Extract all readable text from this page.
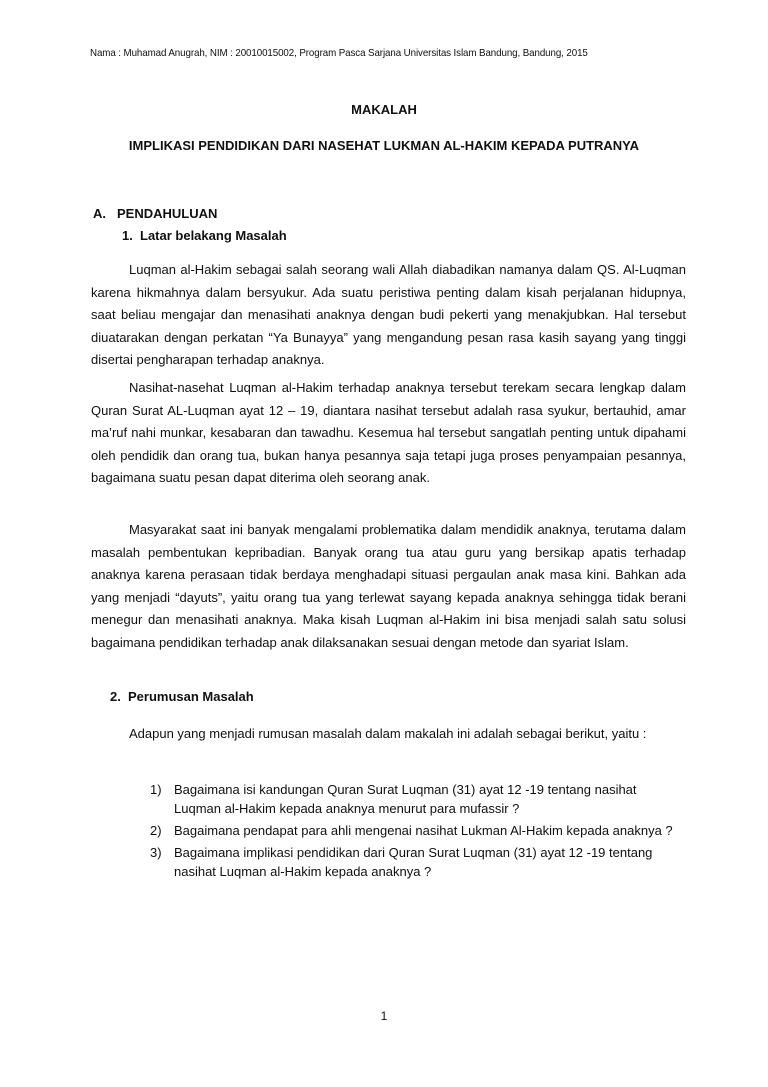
Nama : Muhamad Anugrah, NIM : 20010015002, Program Pasca Sarjana Universitas Islam Bandung, Bandung, 2015
MAKALAH
IMPLIKASI PENDIDIKAN DARI NASEHAT LUKMAN AL-HAKIM KEPADA PUTRANYA
A. PENDAHULUAN
1. Latar belakang Masalah

Luqman al-Hakim sebagai salah seorang wali Allah diabadikan namanya dalam QS. Al-Luqman karena hikmahnya dalam bersyukur. Ada suatu peristiwa penting dalam kisah perjalanan hidupnya, saat beliau mengajar dan menasihati anaknya dengan budi pekerti yang menakjubkan. Hal tersebut diuatarakan dengan perkatan “Ya Bunayya” yang mengandung pesan rasa kasih sayang yang tinggi disertai pengharapan terhadap anaknya.

Nasihat-nasehat Luqman al-Hakim terhadap anaknya tersebut terekam secara lengkap dalam Quran Surat AL-Luqman ayat 12 – 19, diantara nasihat tersebut adalah rasa syukur, bertauhid, amar ma’ruf nahi munkar, kesabaran dan tawadhu. Kesemua hal tersebut sangatlah penting untuk dipahami oleh pendidik dan orang tua, bukan hanya pesannya saja tetapi juga proses penyampaian pesannya, bagaimana suatu pesan dapat diterima oleh seorang anak.

Masyarakat saat ini banyak mengalami problematika dalam mendidik anaknya, terutama dalam masalah pembentukan kepribadian. Banyak orang tua atau guru yang bersikap apatis terhadap anaknya karena perasaan tidak berdaya menghadapi situasi pergaulan anak masa kini. Bahkan ada yang menjadi “dayuts”, yaitu orang tua yang terlewat sayang kepada anaknya sehingga tidak berani menegur dan menasihati anaknya. Maka kisah Luqman al-Hakim ini bisa menjadi salah satu solusi bagaimana pendidikan terhadap anak dilaksanakan sesuai dengan metode dan syariat Islam.

2. Perumusan Masalah

Adapun yang menjadi rumusan masalah dalam makalah ini adalah sebagai berikut, yaitu :

1) Bagaimana isi kandungan Quran Surat Luqman (31) ayat 12 -19 tentang nasihat Luqman al-Hakim kepada anaknya menurut para mufassir ?
2) Bagaimana pendapat para ahli mengenai nasihat Lukman Al-Hakim kepada anaknya ?
3) Bagaimana implikasi pendidikan dari Quran Surat Luqman (31) ayat 12 -19 tentang nasihat Luqman al-Hakim kepada anaknya ?
1
